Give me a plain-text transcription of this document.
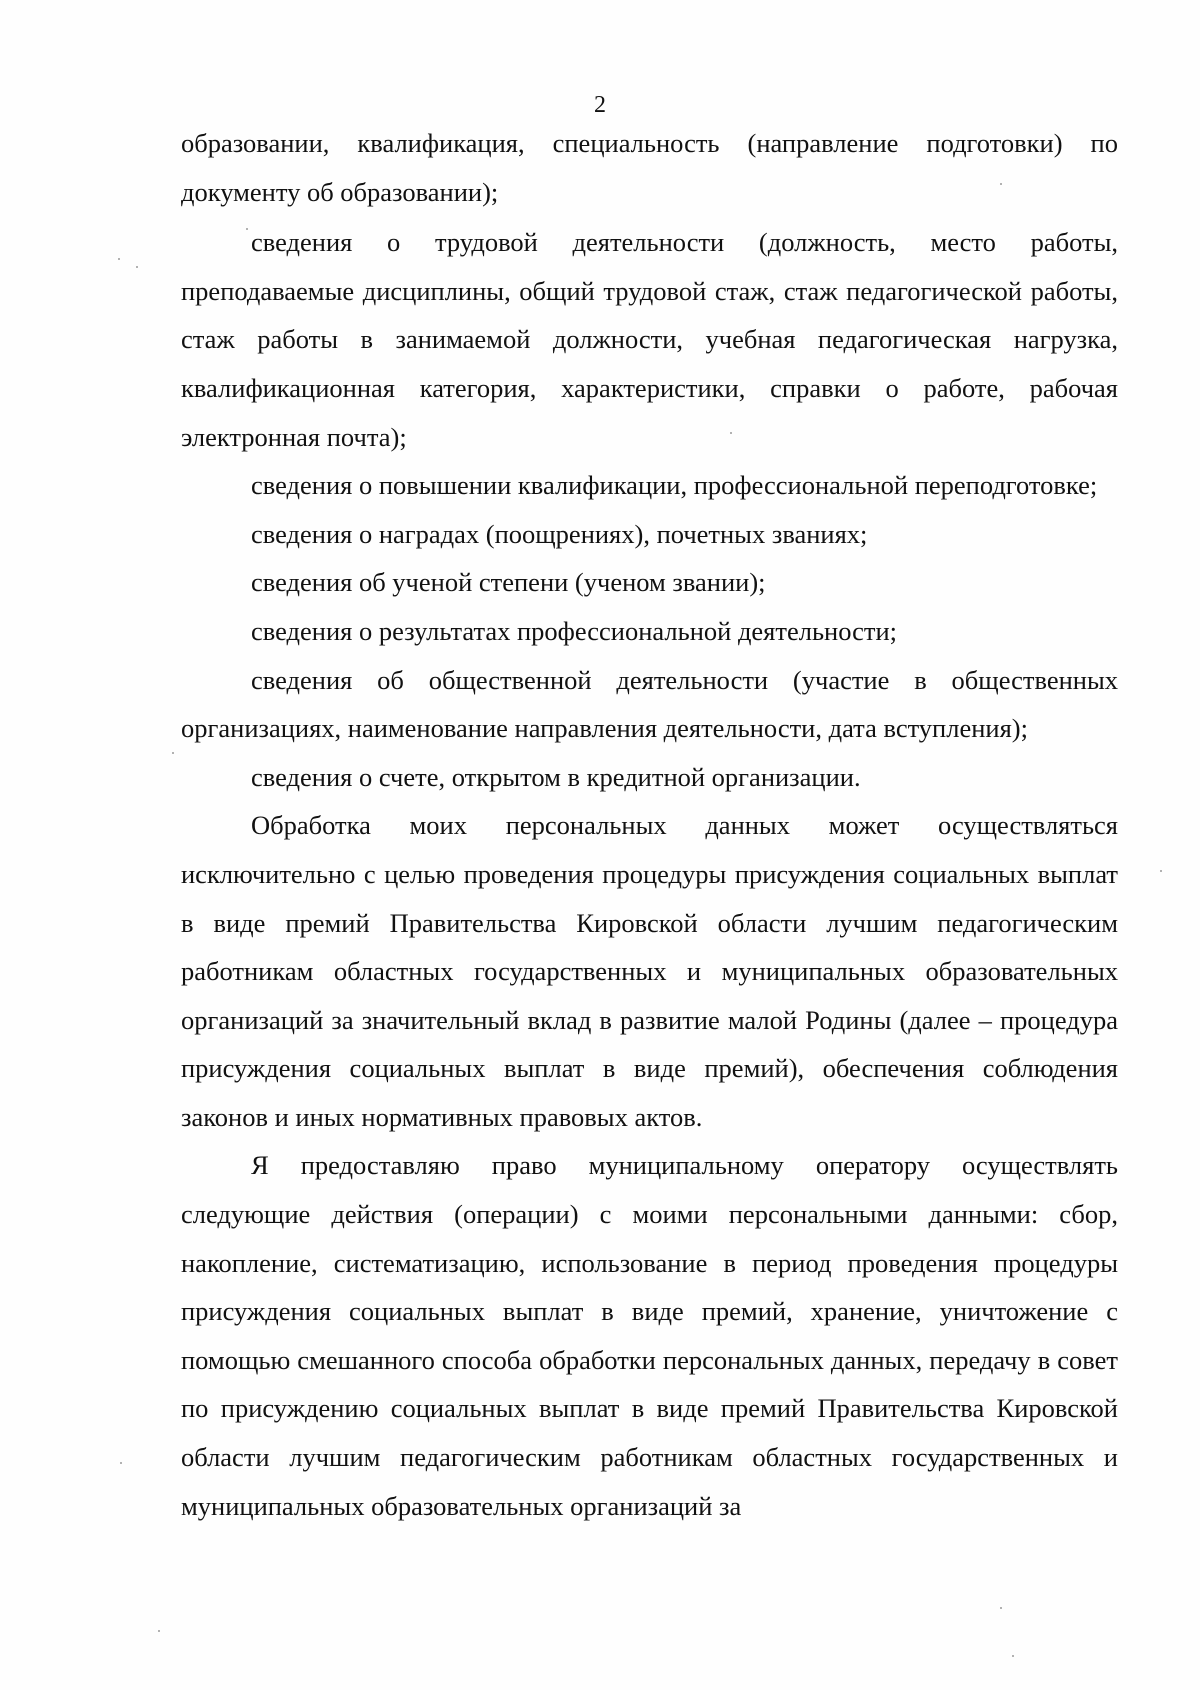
2

образовании, квалификация, специальность (направление подготовки) по документу об образовании);

сведения о трудовой деятельности (должность, место работы, преподаваемые дисциплины, общий трудовой стаж, стаж педагогической работы, стаж работы в занимаемой должности, учебная педагогическая нагрузка, квалификационная категория, характеристики, справки о работе, рабочая электронная почта);

сведения о повышении квалификации, профессиональной переподготовке;

сведения о наградах (поощрениях), почетных званиях;

сведения об ученой степени (ученом звании);

сведения о результатах профессиональной деятельности;

сведения об общественной деятельности (участие в общественных организациях, наименование направления деятельности, дата вступления);

сведения о счете, открытом в кредитной организации.

Обработка моих персональных данных может осуществляться исключительно с целью проведения процедуры присуждения социальных выплат в виде премий Правительства Кировской области лучшим педагогическим работникам областных государственных и муниципальных образовательных организаций за значительный вклад в развитие малой Родины (далее – процедура присуждения социальных выплат в виде премий), обеспечения соблюдения законов и иных нормативных правовых актов.

Я предоставляю право муниципальному оператору осуществлять следующие действия (операции) с моими персональными данными: сбор, накопление, систематизацию, использование в период проведения процедуры присуждения социальных выплат в виде премий, хранение, уничтожение с помощью смешанного способа обработки персональных данных, передачу в совет по присуждению социальных выплат в виде премий Правительства Кировской области лучшим педагогическим работникам областных государственных и муниципальных образовательных организаций за
